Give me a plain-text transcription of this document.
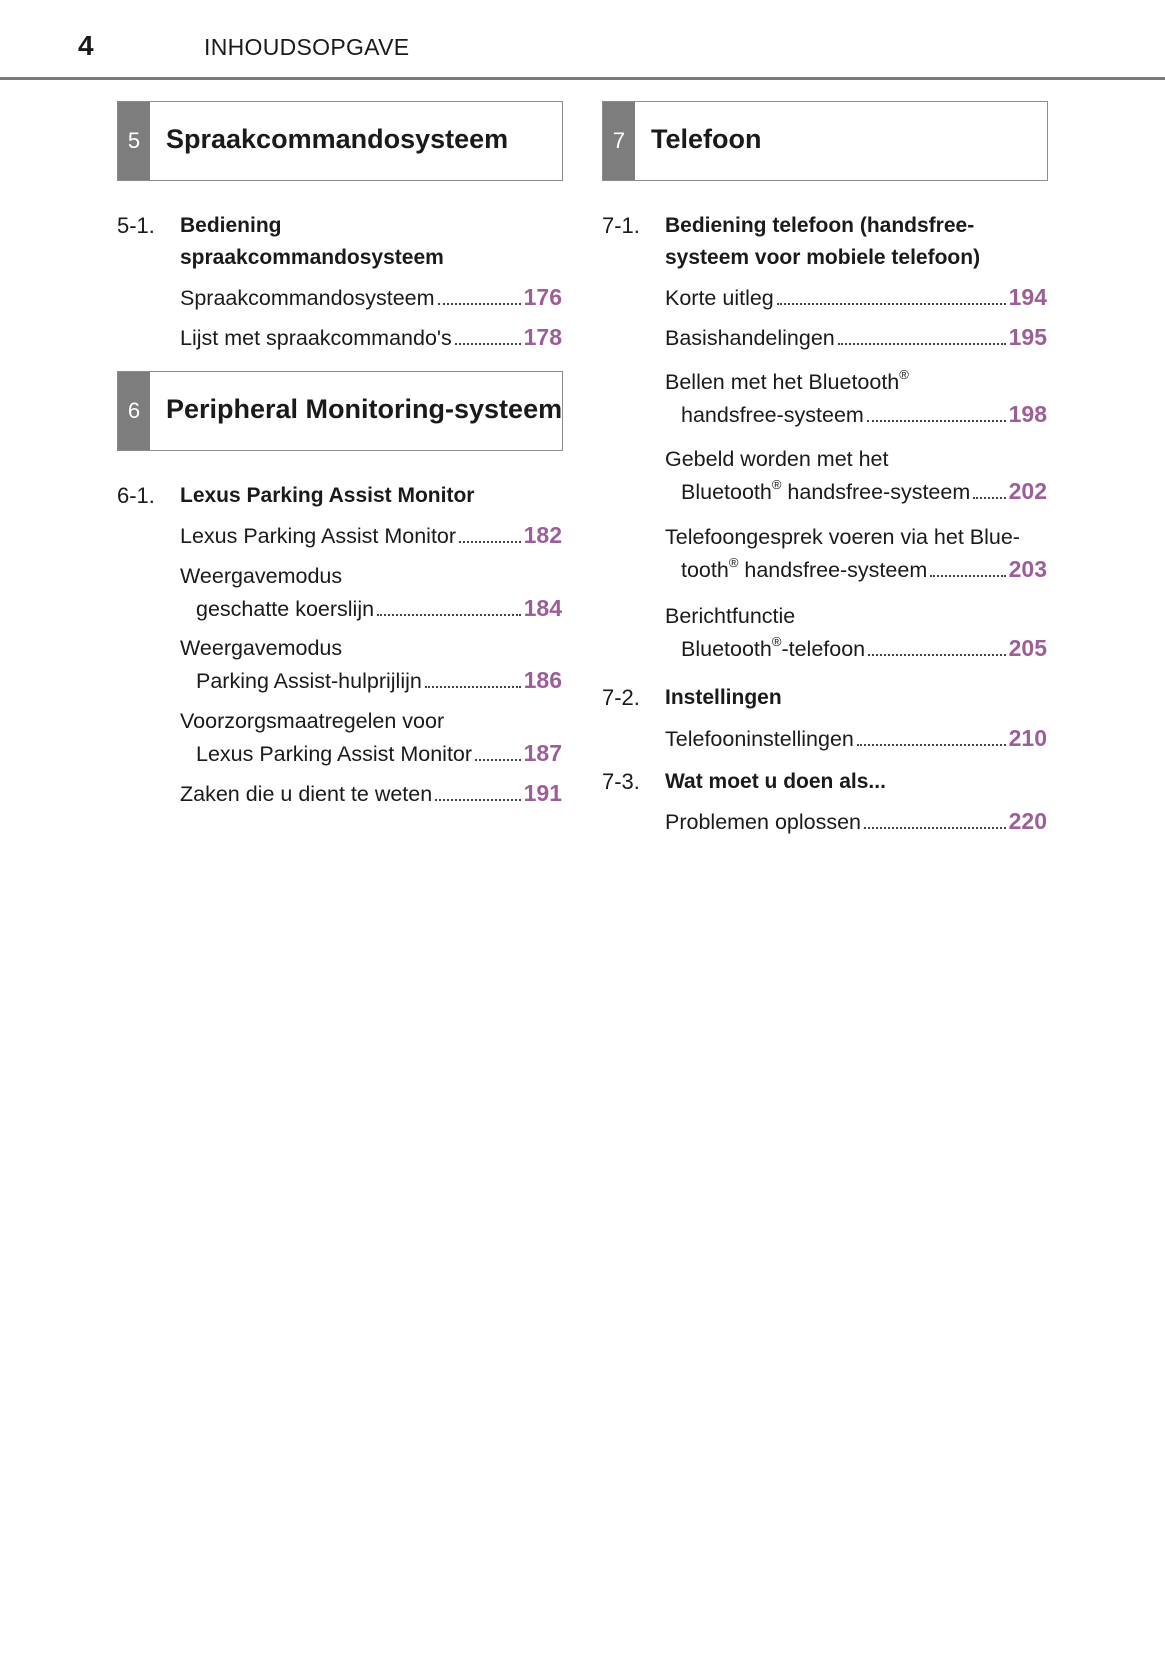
4	INHOUDSOPGAVE
5 Spraakcommandosysteem
5-1. Bediening
spraakcommandosysteem
Spraakcommandosysteem	176
Lijst met spraakcommando's	178
6 Peripheral Monitoring-systeem
6-1. Lexus Parking Assist Monitor
Lexus Parking Assist Monitor	182
Weergavemodus
geschatte koerslijn	184
Weergavemodus
Parking Assist-hulprijlijn	186
Voorzorgsmaatregelen voor
Lexus Parking Assist Monitor 187
Zaken die u dient te weten	191
7 Telefoon
7-1. Bediening telefoon (handsfree-
systeem voor mobiele telefoon)
Korte uitleg	194
Basishandelingen	195
Bellen met het Bluetooth®
handsfree-systeem	198
Gebeld worden met het
Bluetooth® handsfree-systeem 202
Telefoongesprek voeren via het Blue-
tooth® handsfree-systeem	203
Berichtfunctie
Bluetooth®-telefoon	205
7-2. Instellingen
Telefooninstellingen	210
7-3. Wat moet u doen als...
Problemen oplossen	220
